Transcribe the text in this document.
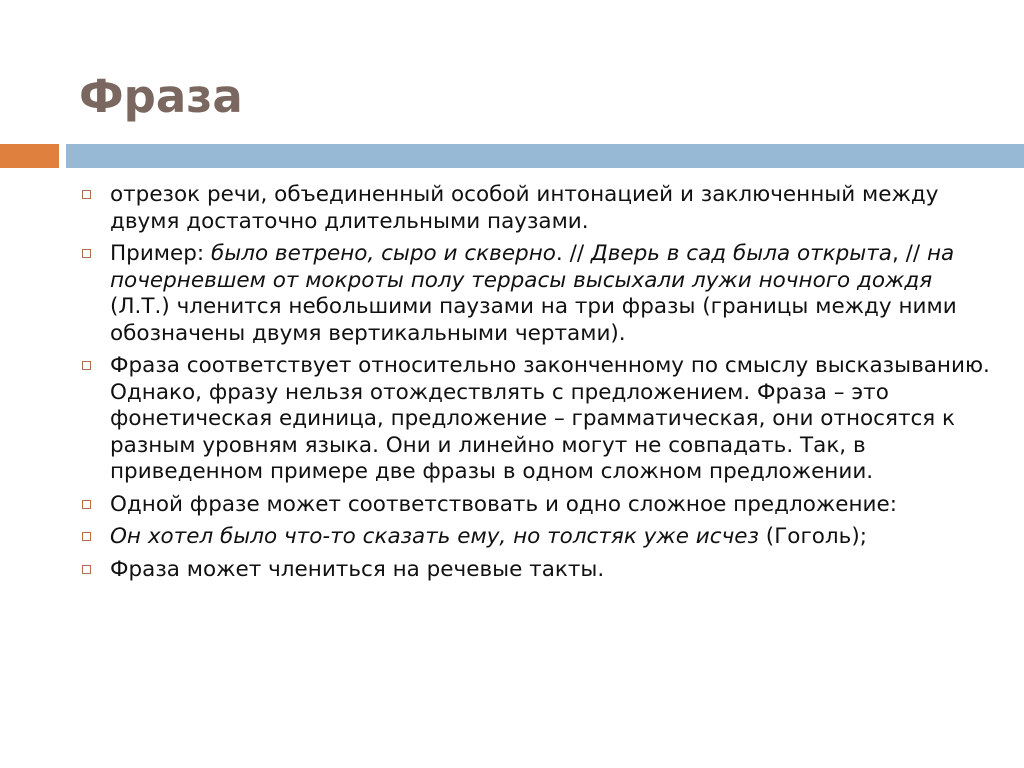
Фраза
отрезок речи, объединенный особой интонацией и заключенный между двумя достаточно длительными паузами.
Пример: было ветрено, сыро и скверно. // Дверь в сад была открыта, // на почерневшем от мокроты полу террасы высыхали лужи ночного дождя (Л.Т.) членится небольшими паузами на три фразы (границы между ними обозначены двумя вертикальными чертами).
Фраза соответствует относительно законченному по смыслу высказыванию. Однако, фразу нельзя отождествлять с предложением. Фраза – это фонетическая единица, предложение – грамматическая, они относятся к разным уровням языка. Они и линейно могут не совпадать. Так, в приведенном примере две фразы в одном сложном предложении.
Одной фразе может соответствовать и одно сложное предложение:
Он хотел было что-то сказать ему, но толстяк уже исчез (Гоголь);
Фраза может члениться на речевые такты.
